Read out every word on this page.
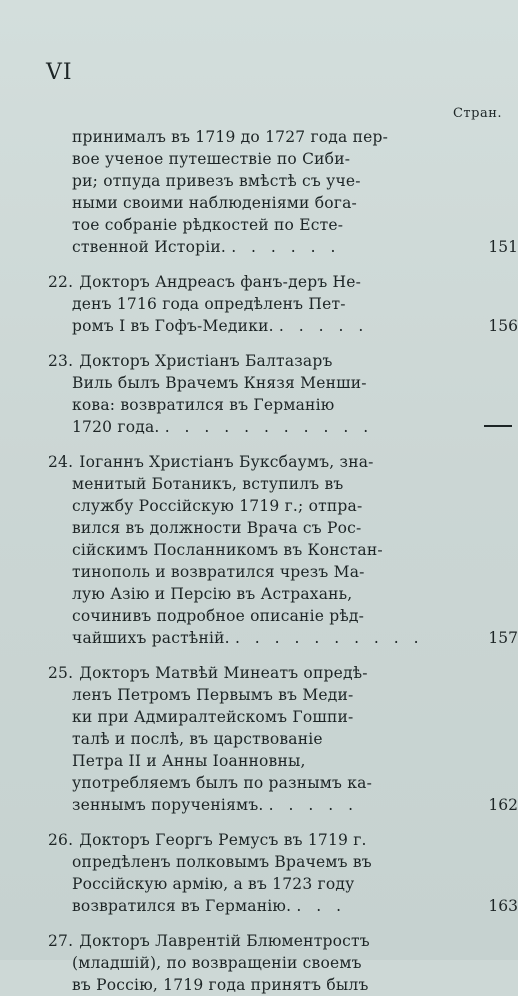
VI
Стран.
принималъ въ 1719 до 1727 года пер-
вое ученое путешествіе по Сиби-
ри; отпуда привезъ вмѣстѣ съ уче-
ными своими наблюденіями бога-
тое собраніе рѣдкостей по Есте-
ственной Исторіи. . . . . . .	151
22. Докторъ Андреасъ фанъ-деръ Не-
денъ 1716 года опредѣленъ Пет-
ромъ I въ Гофъ-Медики. . . . . .	156
23. Докторъ Христіанъ Балтазаръ
Виль былъ Врачемъ Князя Менши-
кова: возвратился въ Германію
1720 года. . . . . . . . . . . .
24. Іоганнъ Христіанъ Буксбаумъ, зна-
менитый Ботаникъ, вступилъ въ
службу Россійскую 1719 г.; отпра-
вился въ должности Врача съ Рос-
сійскимъ Посланникомъ въ Констан-
тинополь и возвратился чрезъ Ма-
лую Азію и Персію въ Астрахань,
сочинивъ подробное описаніе рѣд-
чайшихъ растѣній. . . . . . . . . . .	157
25. Докторъ Матвѣй Минеатъ опредѣ-
ленъ Петромъ Первымъ въ Меди-
ки при Адмиралтейскомъ Гошпи-
талѣ и послѣ, въ царствованіе
Петра II и Анны Іоанновны,
употребляемъ былъ по разнымъ ка-
зеннымъ порученіямъ. . . . . .	162
26. Докторъ Георгъ Ремусъ въ 1719 г.
опредѣленъ полковымъ Врачемъ въ
Россійскую армію, а въ 1723 году
возвратился въ Германію. . . .	163
27. Докторъ Лаврентій Блюментростъ
(младшій), по возвращеніи своемъ
въ Россію, 1719 года принятъ былъ
